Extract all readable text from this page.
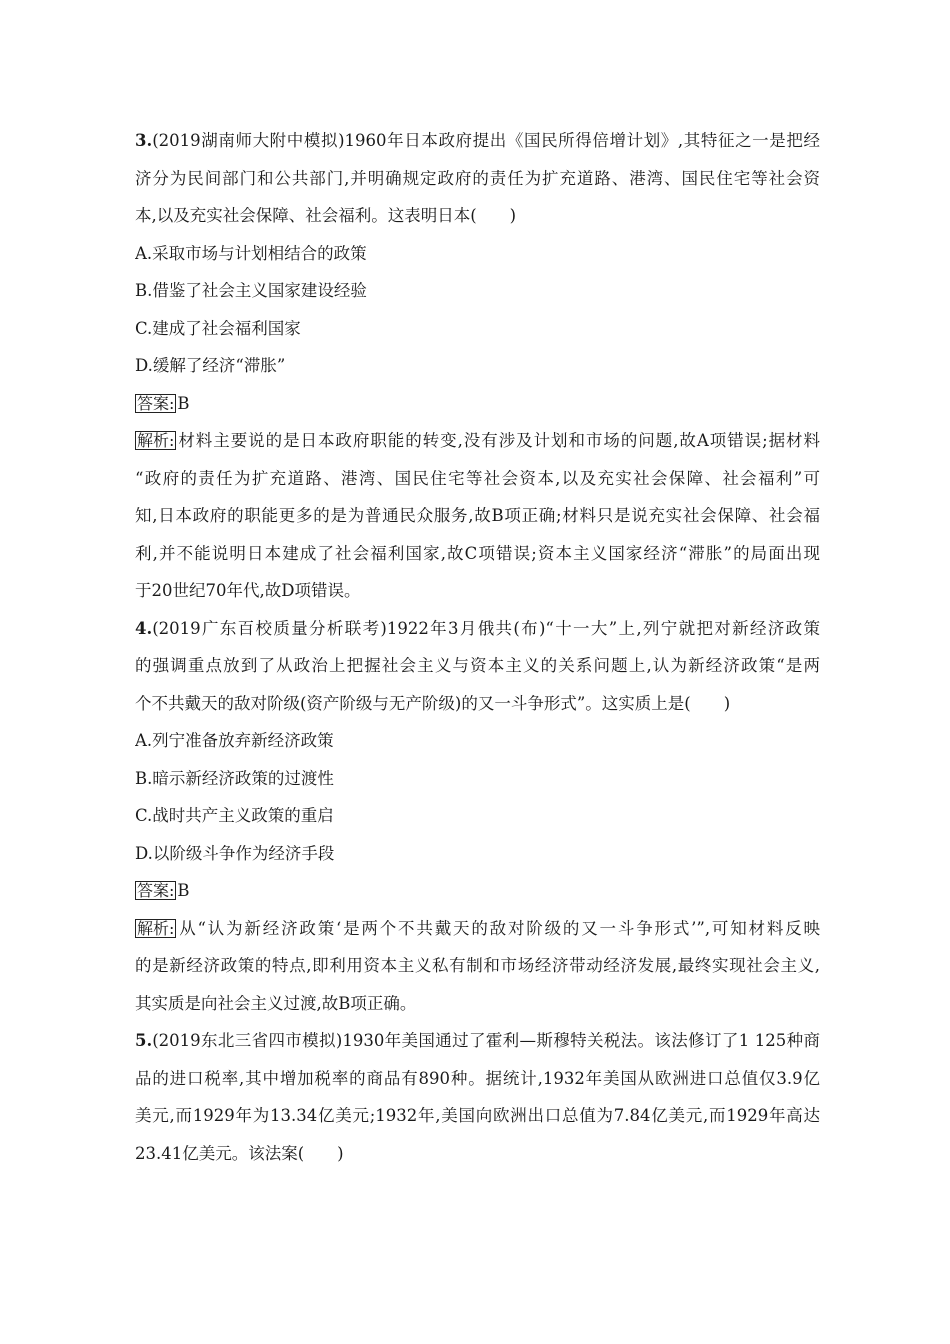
3.(2019湖南师大附中模拟)1960年日本政府提出《国民所得倍增计划》,其特征之一是把经
济分为民间部门和公共部门,并明确规定政府的责任为扩充道路、港湾、国民住宅等社会资
本,以及充实社会保障、社会福利。这表明日本(　　)
A.采取市场与计划相结合的政策
B.借鉴了社会主义国家建设经验
C.建成了社会福利国家
D.缓解了经济“滞胀”
答案: B
解析: 材料主要说的是日本政府职能的转变,没有涉及计划和市场的问题,故A项错误;据材料
“政府的责任为扩充道路、港湾、国民住宅等社会资本,以及充实社会保障、社会福利”可
知,日本政府的职能更多的是为普通民众服务,故B项正确;材料只是说充实社会保障、社会福
利,并不能说明日本建成了社会福利国家,故C项错误;资本主义国家经济“滞胀”的局面出现
于20世纪70年代,故D项错误。
4.(2019广东百校质量分析联考)1922年3月俄共(布)“十一大”上,列宁就把对新经济政策
的强调重点放到了从政治上把握社会主义与资本主义的关系问题上,认为新经济政策“是两
个不共戴天的敌对阶级(资产阶级与无产阶级)的又一斗争形式”。这实质上是(　　)
A.列宁准备放弃新经济政策
B.暗示新经济政策的过渡性
C.战时共产主义政策的重启
D.以阶级斗争作为经济手段
答案: B
解析: 从“认为新经济政策‘是两个不共戴天的敌对阶级的又一斗争形式’”,可知材料反映
的是新经济政策的特点,即利用资本主义私有制和市场经济带动经济发展,最终实现社会主义,
其实质是向社会主义过渡,故B项正确。
5.(2019东北三省四市模拟)1930年美国通过了霍利—斯穆特关税法。该法修订了1 125种商
品的进口税率,其中增加税率的商品有890种。据统计,1932年美国从欧洲进口总值仅3.9亿
美元,而1929年为13.34亿美元;1932年,美国向欧洲出口总值为7.84亿美元,而1929年高达
23.41亿美元。该法案(　　)
